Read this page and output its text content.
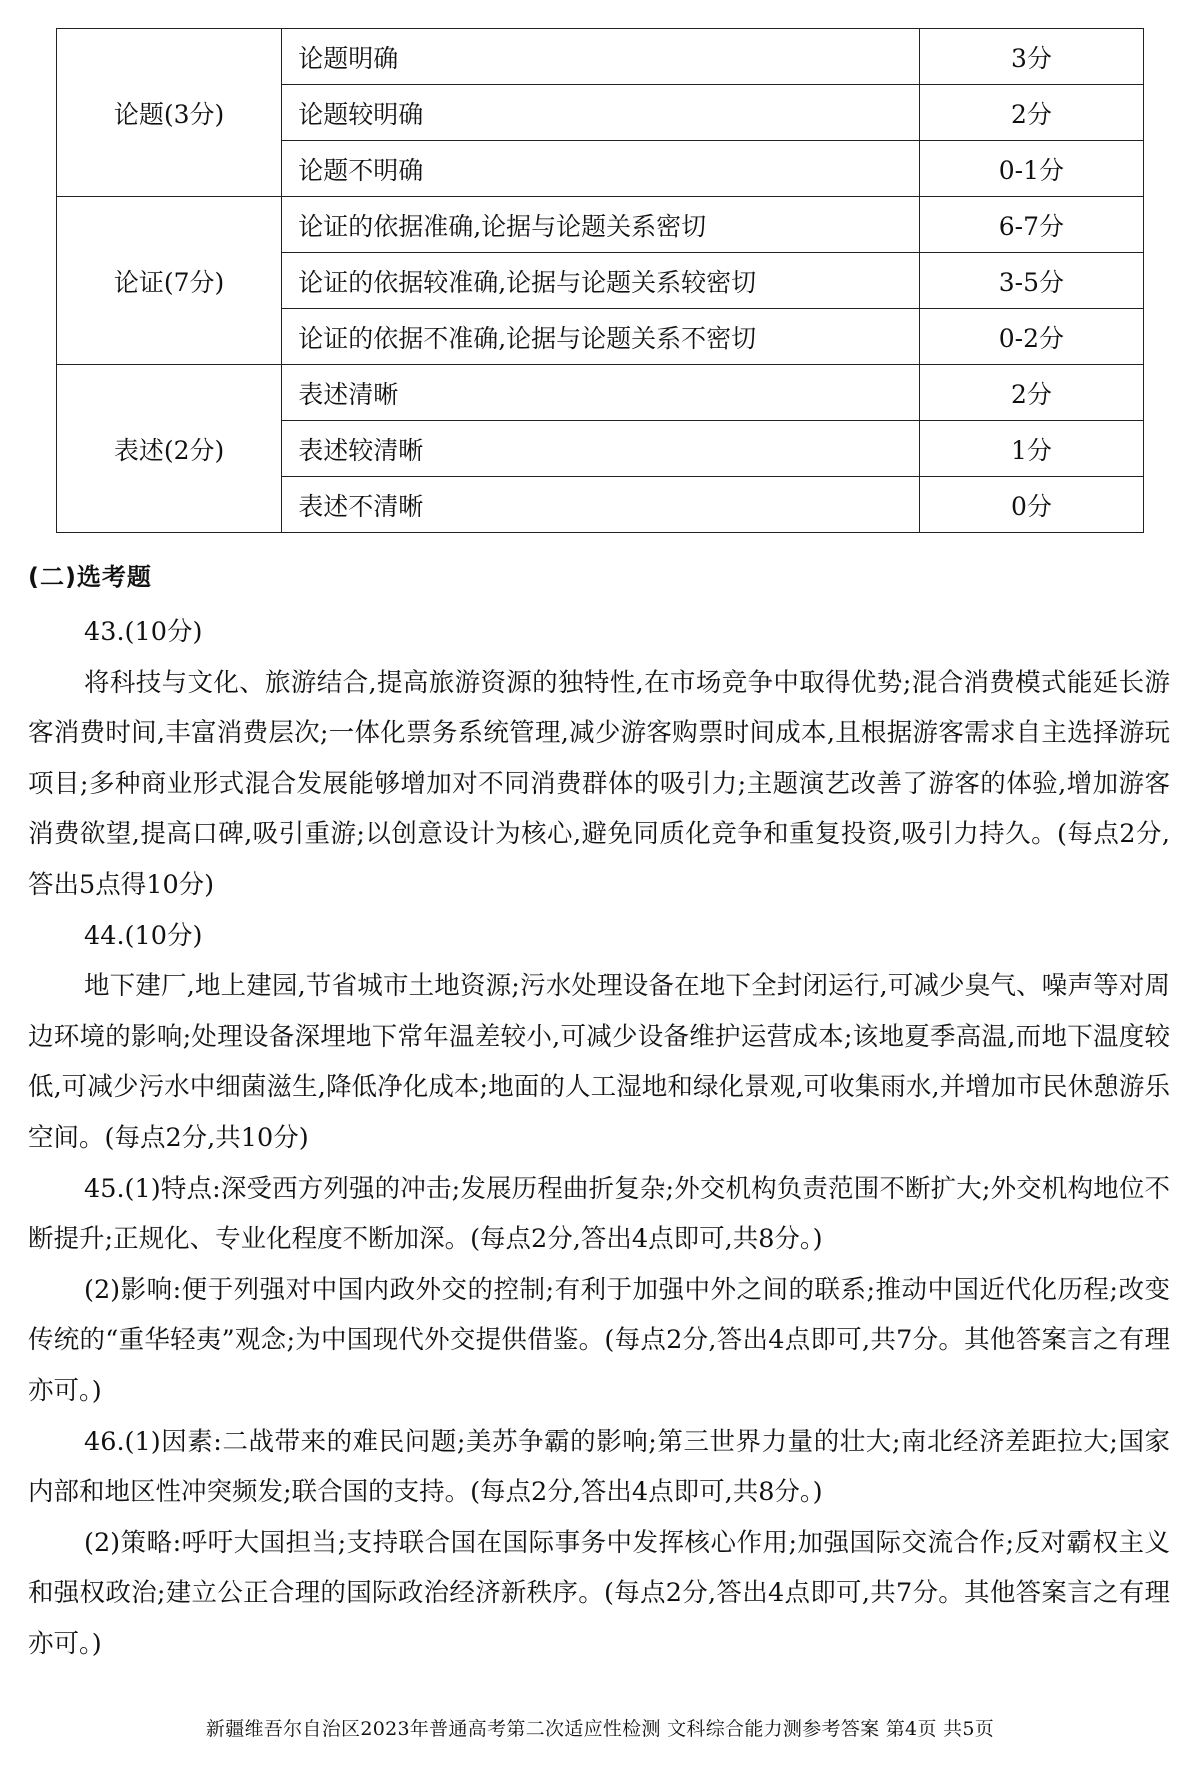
论题(3分)	论题明确	3分
	论题较明确	2分
	论题不明确	0-1分
论证(7分)	论证的依据准确,论据与论题关系密切	6-7分
	论证的依据较准确,论据与论题关系较密切	3-5分
	论证的依据不准确,论据与论题关系不密切	0-2分
表述(2分)	表述清晰	2分
	表述较清晰	1分
	表述不清晰	0分
(二)选考题

43.(10分)

将科技与文化、旅游结合,提高旅游资源的独特性,在市场竞争中取得优势;混合消费模式能延长游客消费时间,丰富消费层次;一体化票务系统管理,减少游客购票时间成本,且根据游客需求自主选择游玩项目;多种商业形式混合发展能够增加对不同消费群体的吸引力;主题演艺改善了游客的体验,增加游客消费欲望,提高口碑,吸引重游;以创意设计为核心,避免同质化竞争和重复投资,吸引力持久。(每点2分,答出5点得10分)

44.(10分)

地下建厂,地上建园,节省城市土地资源;污水处理设备在地下全封闭运行,可减少臭气、噪声等对周边环境的影响;处理设备深埋地下常年温差较小,可减少设备维护运营成本;该地夏季高温,而地下温度较低,可减少污水中细菌滋生,降低净化成本;地面的人工湿地和绿化景观,可收集雨水,并增加市民休憩游乐空间。(每点2分,共10分)

45.(1)特点:深受西方列强的冲击;发展历程曲折复杂;外交机构负责范围不断扩大;外交机构地位不断提升;正规化、专业化程度不断加深。(每点2分,答出4点即可,共8分。)

(2)影响:便于列强对中国内政外交的控制;有利于加强中外之间的联系;推动中国近代化历程;改变传统的“重华轻夷”观念;为中国现代外交提供借鉴。(每点2分,答出4点即可,共7分。其他答案言之有理亦可。)

46.(1)因素:二战带来的难民问题;美苏争霸的影响;第三世界力量的壮大;南北经济差距拉大;国家内部和地区性冲突频发;联合国的支持。(每点2分,答出4点即可,共8分。)

(2)策略:呼吁大国担当;支持联合国在国际事务中发挥核心作用;加强国际交流合作;反对霸权主义和强权政治;建立公正合理的国际政治经济新秩序。(每点2分,答出4点即可,共7分。其他答案言之有理亦可。)

新疆维吾尔自治区2023年普通高考第二次适应性检测 文科综合能力测参考答案 第4页 共5页
